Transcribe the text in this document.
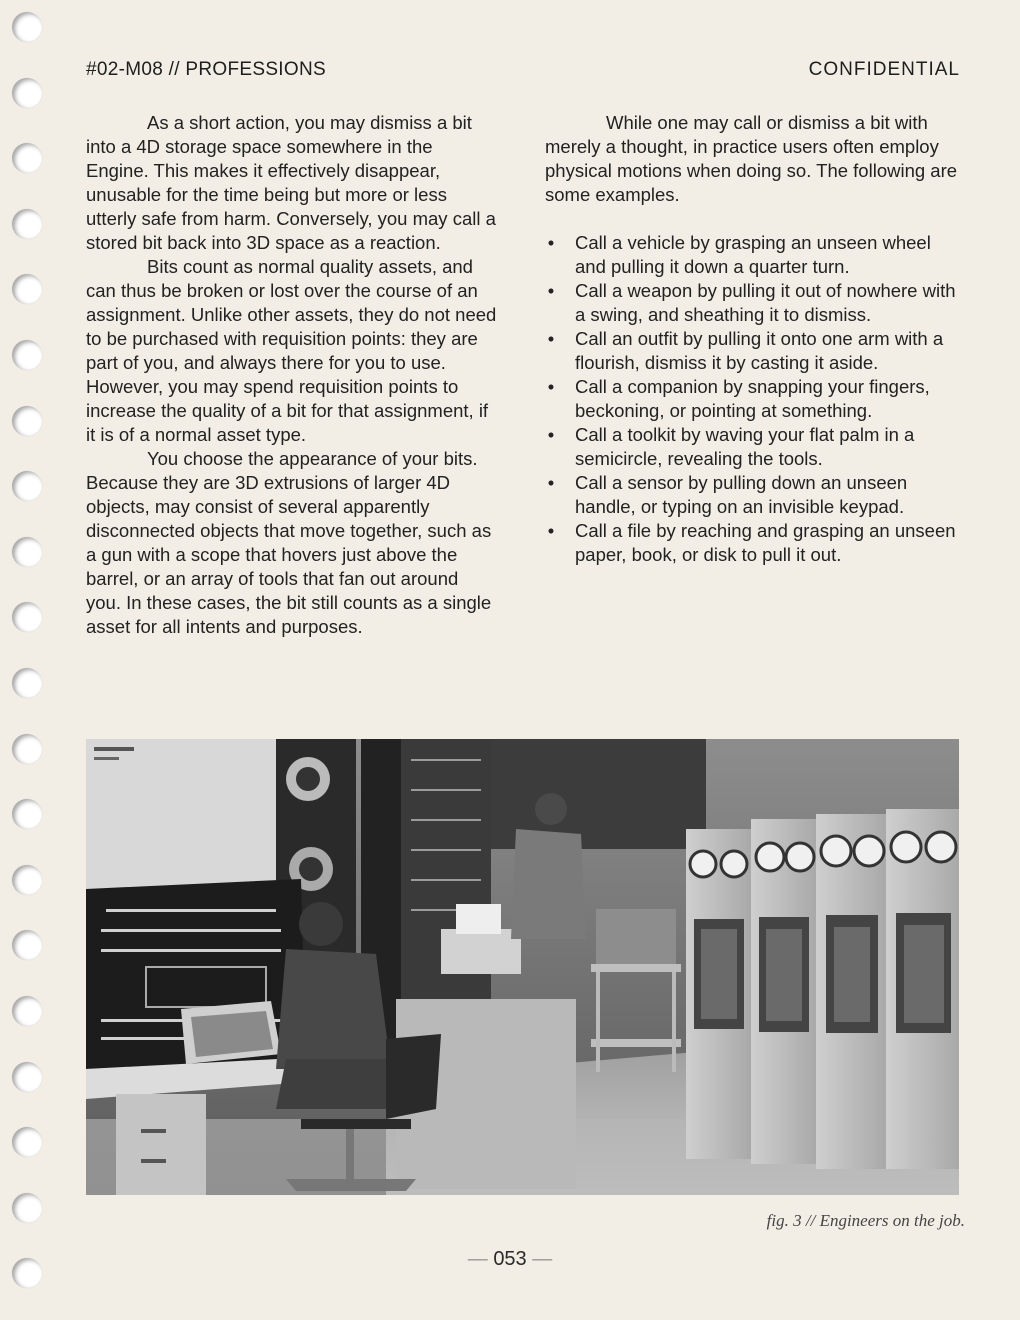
#02-M08 // PROFESSIONS	CONFIDENTIAL

As a short action, you may dismiss a bit into a 4D storage space somewhere in the Engine. This makes it effectively disappear, unusable for the time being but more or less utterly safe from harm. Conversely, you may call a stored bit back into 3D space as a reaction.

Bits count as normal quality assets, and can thus be broken or lost over the course of an assignment. Unlike other assets, they do not need to be purchased with requisition points: they are part of you, and always there for you to use. However, you may spend requisition points to increase the quality of a bit for that assignment, if it is of a normal asset type.

You choose the appearance of your bits. Because they are 3D extrusions of larger 4D objects, may consist of several apparently disconnected objects that move together, such as a gun with a scope that hovers just above the barrel, or an array of tools that fan out around you. In these cases, the bit still counts as a single asset for all intents and purposes.

While one may call or dismiss a bit with merely a thought, in practice users often employ physical motions when doing so. The following are some examples.

• Call a vehicle by grasping an unseen wheel and pulling it down a quarter turn.
• Call a weapon by pulling it out of nowhere with a swing, and sheathing it to dismiss.
• Call an outfit by pulling it onto one arm with a flourish, dismiss it by casting it aside.
• Call a companion by snapping your fingers, beckoning, or pointing at something.
• Call a toolkit by waving your flat palm in a semicircle, revealing the tools.
• Call a sensor by pulling down an unseen handle, or typing on an invisible keypad.
• Call a file by reaching and grasping an unseen paper, book, or disk to pull it out.
fig. 3 // Engineers on the job.
— 053 —
